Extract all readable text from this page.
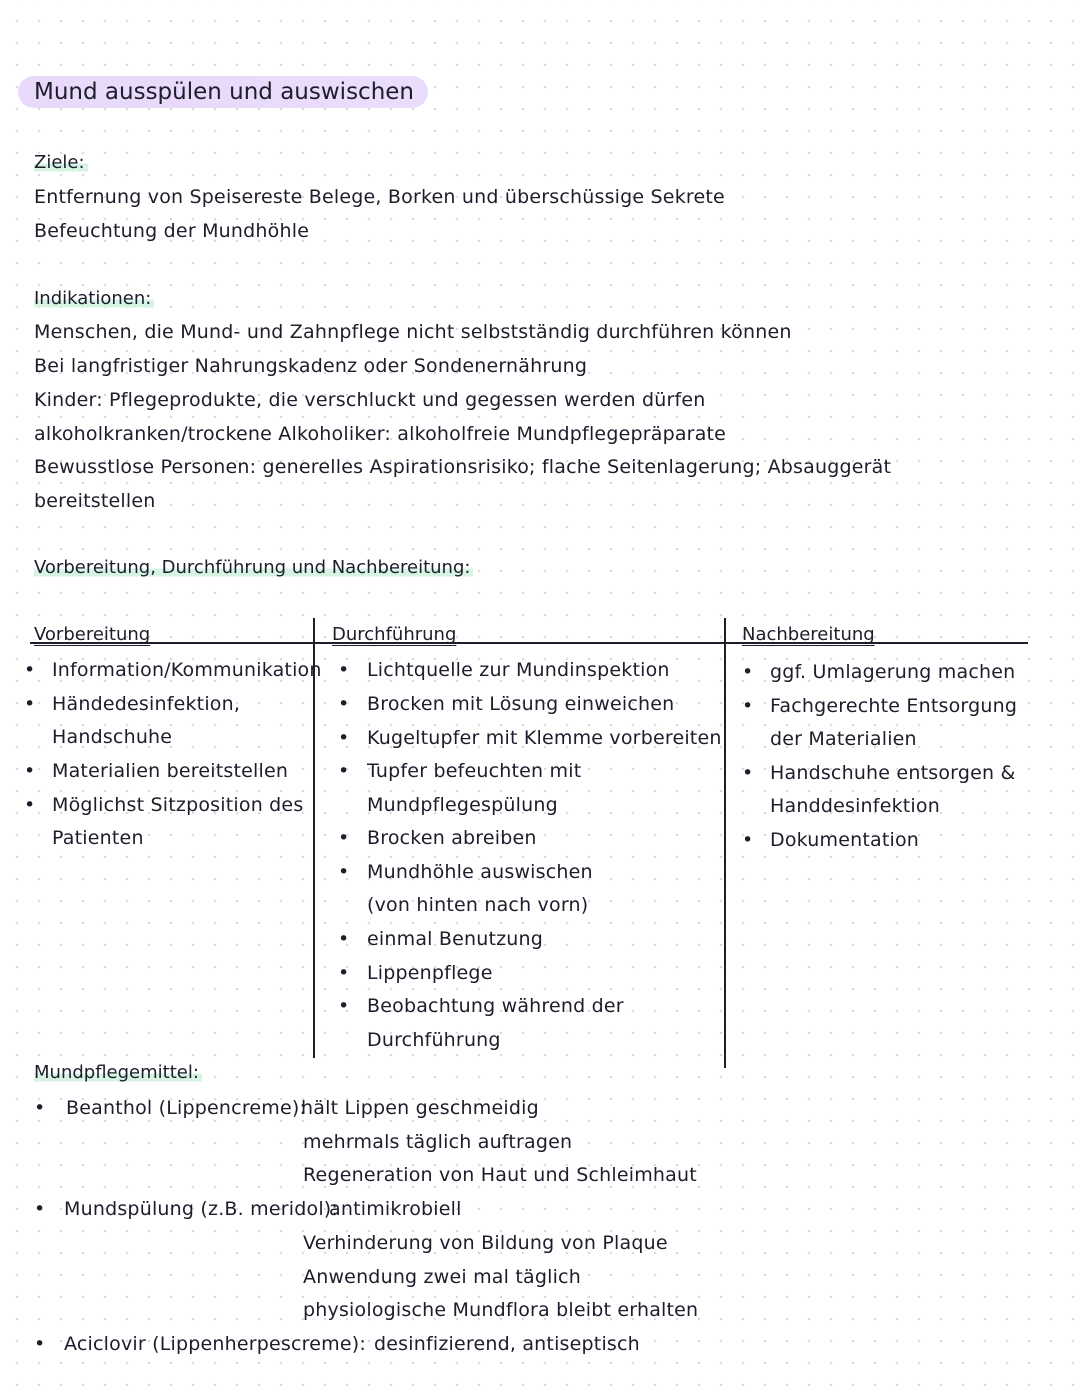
Mund ausspülen und auswischen
Ziele:
Entfernung von Speisereste Belege, Borken und überschüssige Sekrete
Befeuchtung der Mundhöhle
Indikationen:
Menschen, die Mund- und Zahnpflege nicht selbstständig durchführen können
Bei langfristiger Nahrungskadenz oder Sondenernährung
Kinder: Pflegeprodukte, die verschluckt und gegessen werden dürfen
alkoholkranken/trockene Alkoholiker: alkoholfreie Mundpflegepräparate
Bewusstlose Personen: generelles Aspirationsrisiko; flache Seitenlagerung; Absauggerät
bereitstellen
Vorbereitung, Durchführung und Nachbereitung:
Vorbereitung	Durchführung	Nachbereitung
• Information/Kommunikation
• Händedesinfektion,
Handschuhe
• Materialien bereitstellen
• Möglichst Sitzposition des
Patienten
• Lichtquelle zur Mundinspektion
• Brocken mit Lösung einweichen
• Kugeltupfer mit Klemme vorbereiten
• Tupfer befeuchten mit
Mundpflegespülung
• Brocken abreiben
• Mundhöhle auswischen
(von hinten nach vorn)
• einmal Benutzung
• Lippenpflege
• Beobachtung während der
Durchführung
• ggf. Umlagerung machen
• Fachgerechte Entsorgung
der Materialien
• Handschuhe entsorgen &
Handdesinfektion
• Dokumentation
Mundpflegemittel:
• Beanthol (Lippencreme):
hält Lippen geschmeidig
mehrmals täglich auftragen
Regeneration von Haut und Schleimhaut
• Mundspülung (z.B. meridol):
antimikrobiell
Verhinderung von Bildung von Plaque
Anwendung zwei mal täglich
physiologische Mundflora bleibt erhalten
• Aciclovir (Lippenherpescreme): desinfizierend, antiseptisch
